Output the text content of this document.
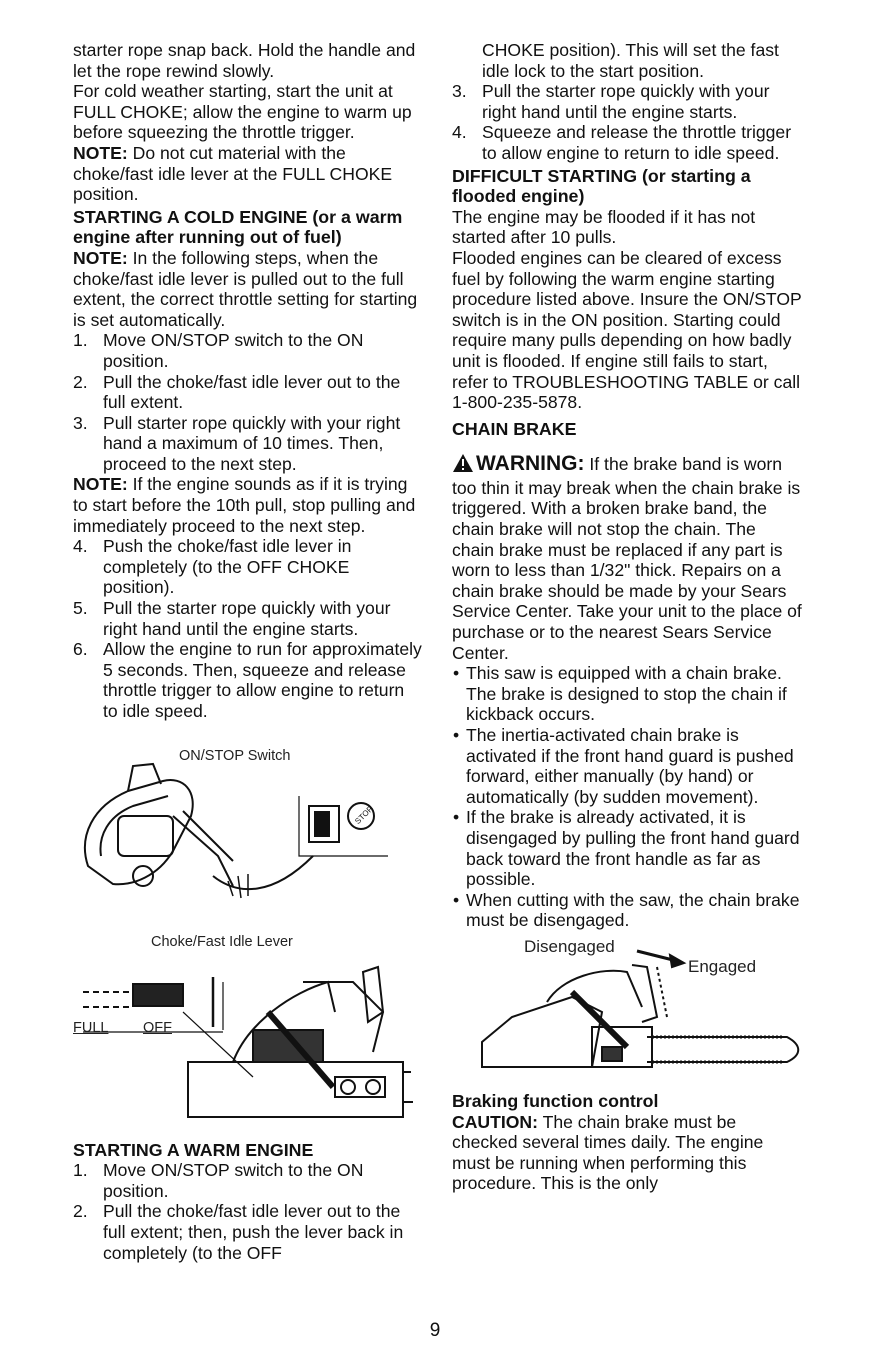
starter rope snap back. Hold the handle and let the rope rewind slowly.

For cold weather starting, start the unit at FULL CHOKE; allow the engine to warm up before squeezing the throttle trigger.

NOTE: Do not cut material with the choke/fast idle lever at the FULL CHOKE position.

STARTING A COLD ENGINE (or a warm engine after running out of fuel)

NOTE: In the following steps, when the choke/fast idle lever is pulled out to the full extent, the correct throttle setting for starting is set automatically.

1. Move ON/STOP switch to the ON position.
2. Pull the choke/fast idle lever out to the full extent.
3. Pull starter rope quickly with your right hand a maximum of 10 times. Then, proceed to the next step.

NOTE: If the engine sounds as if it is trying to start before the 10th pull, stop pulling and immediately proceed to the next step.

4. Push the choke/fast idle lever in completely (to the OFF CHOKE position).
5. Pull the starter rope quickly with your right hand until the engine starts.
6. Allow the engine to run for approximately 5 seconds. Then, squeeze and release throttle trigger to allow engine to return to idle speed.
STOP
ON/STOP Switch
Choke/Fast Idle Lever
FULL OFF

STARTING A WARM ENGINE

1. Move ON/STOP switch to the ON position.
2. Pull the choke/fast idle lever out to the full extent; then, push the lever back in completely (to the OFF

CHOKE position). This will set the fast idle lock to the start position.

3. Pull the starter rope quickly with your right hand until the engine starts.
4. Squeeze and release the throttle trigger to allow engine to return to idle speed.

DIFFICULT STARTING (or starting a flooded engine)

The engine may be flooded if it has not started after 10 pulls.

Flooded engines can be cleared of excess fuel by following the warm engine starting procedure listed above. Insure the ON/STOP switch is in the ON position. Starting could require many pulls depending on how badly unit is flooded. If engine still fails to start, refer to TROUBLESHOOTING TABLE or call 1-800-235-5878.

CHAIN BRAKE

WARNING: If the brake band is worn too thin it may break when the chain brake is triggered. With a broken brake band, the chain brake will not stop the chain. The chain brake must be replaced if any part is worn to less than 1/32" thick. Repairs on a chain brake should be made by your Sears Service Center. Take your unit to the place of purchase or to the nearest Sears Service Center.

• This saw is equipped with a chain brake. The brake is designed to stop the chain if kickback occurs.
• The inertia-activated chain brake is activated if the front hand guard is pushed forward, either manually (by hand) or automatically (by sudden movement).
• If the brake is already activated, it is disengaged by pulling the front hand guard back toward the front handle as far as possible.
• When cutting with the saw, the chain brake must be disengaged.
Disengaged
Engaged

Braking function control

CAUTION: The chain brake must be checked several times daily. The engine must be running when performing this procedure. This is the only

9
